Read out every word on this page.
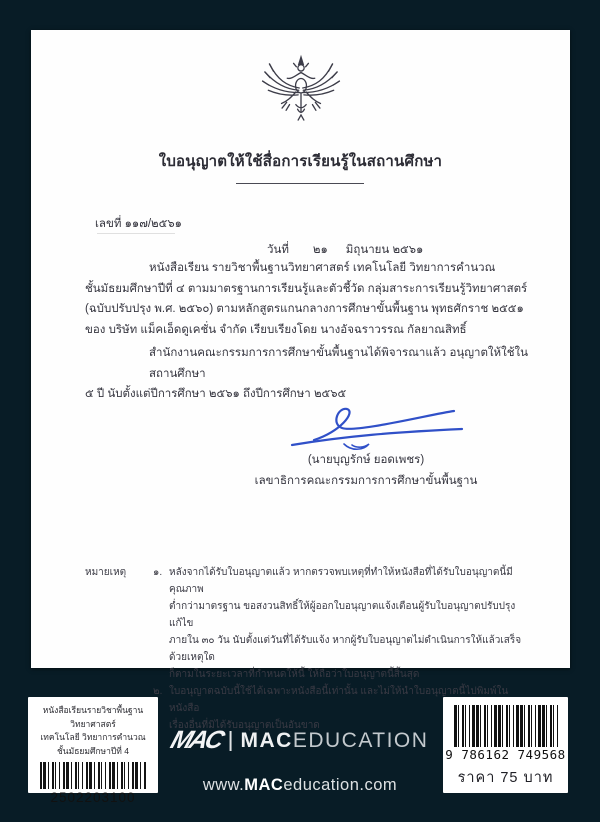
ใบอนุญาตให้ใช้สื่อการเรียนรู้ในสถานศึกษา
เลขที่ ๑๑๗/๒๕๖๑
วันที่ ๒๑ มิถุนายน ๒๕๖๑
หนังสือเรียน รายวิชาพื้นฐานวิทยาศาสตร์ เทคโนโลยี วิทยาการคำนวณ
ชั้นมัธยมศึกษาปีที่ ๔ ตามมาตรฐานการเรียนรู้และตัวชี้วัด กลุ่มสาระการเรียนรู้วิทยาศาสตร์
(ฉบับปรับปรุง พ.ศ. ๒๕๖๐) ตามหลักสูตรแกนกลางการศึกษาขั้นพื้นฐาน พุทธศักราช ๒๕๕๑
ของ บริษัท แม็คเอ็ดดูเคชั่น จำกัด เรียบเรียงโดย นางอัจฉราวรรณ กัลยาณสิทธิ์
สำนักงานคณะกรรมการการศึกษาขั้นพื้นฐานได้พิจารณาแล้ว อนุญาตให้ใช้ในสถานศึกษา
๕ ปี นับตั้งแต่ปีการศึกษา ๒๕๖๑ ถึงปีการศึกษา ๒๕๖๕
(นายบุญรักษ์ ยอดเพชร)
เลขาธิการคณะกรรมการการศึกษาขั้นพื้นฐาน
หมายเหตุ	๑. หลังจากได้รับใบอนุญาตแล้ว หากตรวจพบเหตุที่ทำให้หนังสือที่ได้รับใบอนุญาตนี้มีคุณภาพ
ต่ำกว่ามาตรฐาน ขอสงวนสิทธิ์ให้ผู้ออกใบอนุญาตแจ้งเตือนผู้รับใบอนุญาตปรับปรุงแก้ไข
ภายใน ๓๐ วัน นับตั้งแต่วันที่ได้รับแจ้ง หากผู้รับใบอนุญาตไม่ดำเนินการให้แล้วเสร็จด้วยเหตุใด
ก็ตามในระยะเวลาที่กำหนดให้นี้ ให้ถือว่าใบอนุญาตนี้สิ้นสุด
๒. ใบอนุญาตฉบับนี้ใช้ได้เฉพาะหนังสือนี้เท่านั้น และไม่ให้นำใบอนุญาตนี้ไปพิมพ์ในหนังสือ
เรื่องอื่นที่มิได้รับอนุญาตเป็นอันขาด
หนังสือเรียนรายวิชาพื้นฐานวิทยาศาสตร์
เทคโนโลยี วิทยาการคำนวณ
ชั้นมัธยมศึกษาปีที่ 4
2502203100
MAC MAC EDUCATION
www.MACeducation.com
9 786162 749568
ราคา 75 บาท
